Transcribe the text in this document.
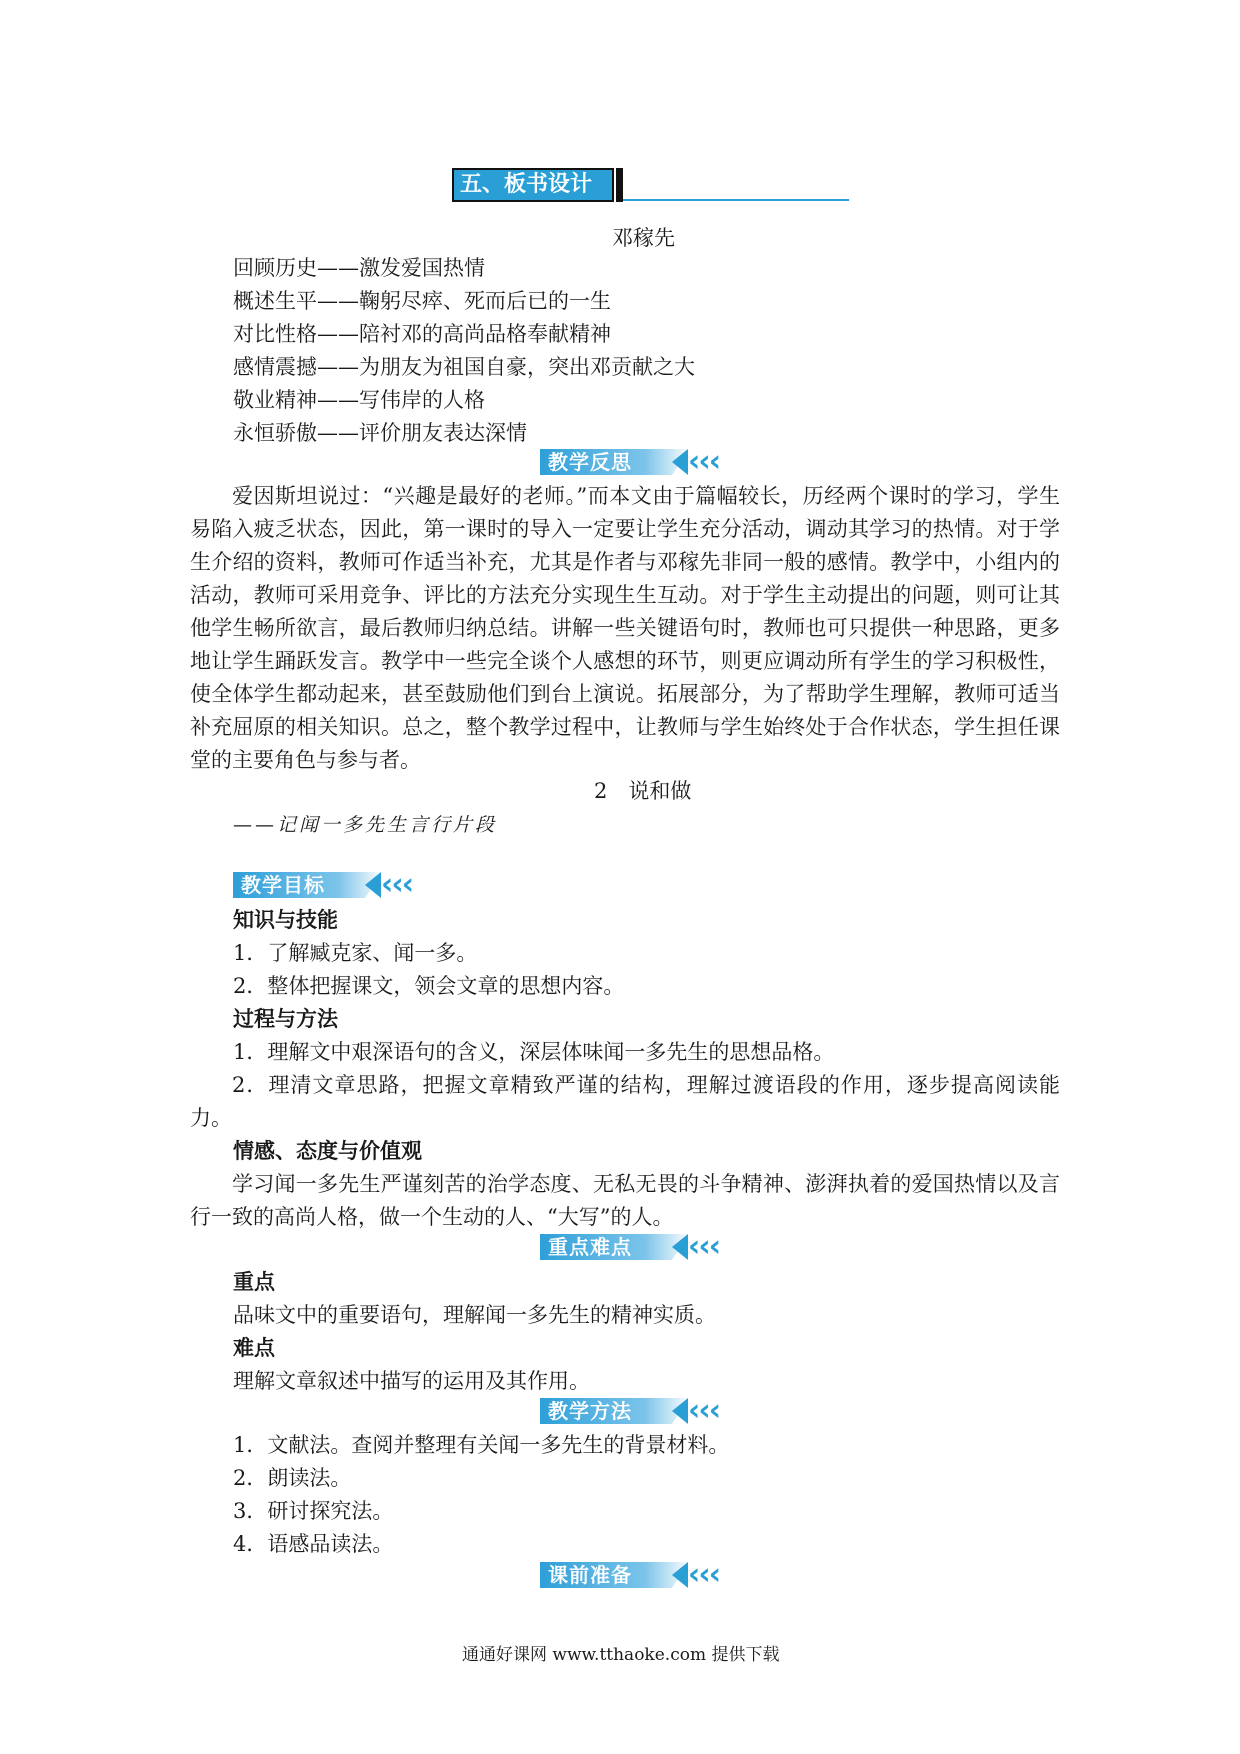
五、板书设计
邓稼先
回顾历史——激发爱国热情
概述生平——鞠躬尽瘁、死而后已的一生
对比性格——陪衬邓的高尚品格奉献精神
感情震撼——为朋友为祖国自豪，突出邓贡献之大
敬业精神——写伟岸的人格
永恒骄傲——评价朋友表达深情
教学反思 ‹‹‹

爱因斯坦说过：“兴趣是最好的老师。”而本文由于篇幅较长，历经两个课时的学习，学生易陷入疲乏状态，因此，第一课时的导入一定要让学生充分活动，调动其学习的热情。对于学生介绍的资料，教师可作适当补充，尤其是作者与邓稼先非同一般的感情。教学中，小组内的活动，教师可采用竞争、评比的方法充分实现生生互动。对于学生主动提出的问题，则可让其他学生畅所欲言，最后教师归纳总结。讲解一些关键语句时，教师也可只提供一种思路，更多地让学生踊跃发言。教学中一些完全谈个人感想的环节，则更应调动所有学生的学习积极性，使全体学生都动起来，甚至鼓励他们到台上演说。拓展部分，为了帮助学生理解，教师可适当补充屈原的相关知识。总之，整个教学过程中，让教师与学生始终处于合作状态，学生担任课堂的主要角色与参与者。

2　说和做
——记闻一多先生言行片段
教学目标 ‹‹‹
知识与技能
1．了解臧克家、闻一多。
2．整体把握课文，领会文章的思想内容。
过程与方法
1．理解文中艰深语句的含义，深层体味闻一多先生的思想品格。

2．理清文章思路，把握文章精致严谨的结构，理解过渡语段的作用，逐步提高阅读能力。

情感、态度与价值观

学习闻一多先生严谨刻苦的治学态度、无私无畏的斗争精神、澎湃执着的爱国热情以及言行一致的高尚人格，做一个生动的人、“大写”的人。

重点难点 ‹‹‹
重点
品味文中的重要语句，理解闻一多先生的精神实质。
难点
理解文章叙述中描写的运用及其作用。
教学方法 ‹‹‹
1．文献法。查阅并整理有关闻一多先生的背景材料。
2．朗读法。
3．研讨探究法。
4．语感品读法。
课前准备 ‹‹‹
通通好课网 www.tthaoke.com 提供下载
